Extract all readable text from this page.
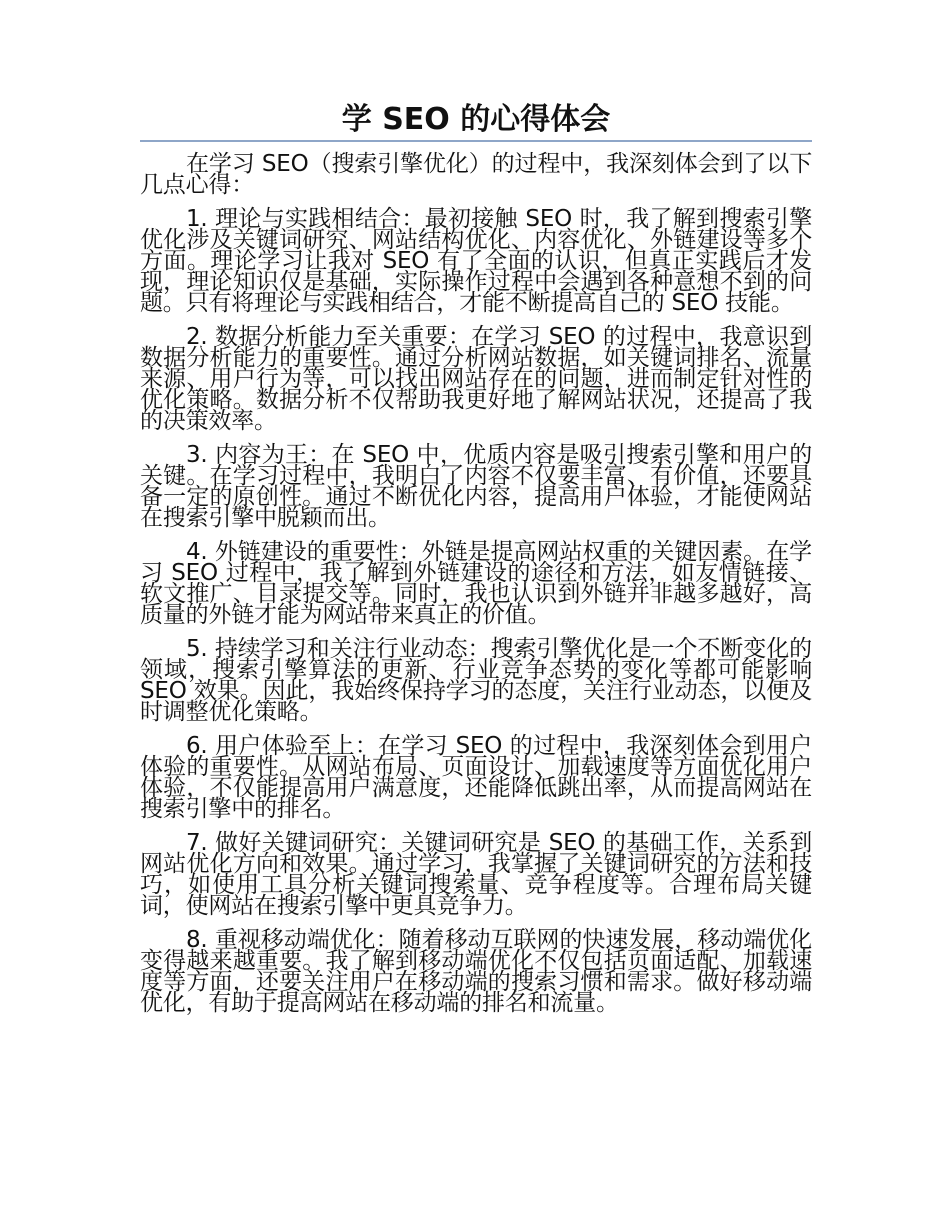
学 SEO 的心得体会

在学习 SEO（搜索引擎优化）的过程中，我深刻体会到了以下几点心得：

1. 理论与实践相结合：最初接触 SEO 时，我了解到搜索引擎优化涉及关键词研究、网站结构优化、内容优化、外链建设等多个方面。理论学习让我对 SEO 有了全面的认识，但真正实践后才发现，理论知识仅是基础，实际操作过程中会遇到各种意想不到的问题。只有将理论与实践相结合，才能不断提高自己的 SEO 技能。

2. 数据分析能力至关重要：在学习 SEO 的过程中，我意识到数据分析能力的重要性。通过分析网站数据，如关键词排名、流量来源、用户行为等，可以找出网站存在的问题，进而制定针对性的优化策略。数据分析不仅帮助我更好地了解网站状况，还提高了我的决策效率。

3. 内容为王：在 SEO 中，优质内容是吸引搜索引擎和用户的关键。在学习过程中，我明白了内容不仅要丰富、有价值，还要具备一定的原创性。通过不断优化内容，提高用户体验，才能使网站在搜索引擎中脱颖而出。

4. 外链建设的重要性：外链是提高网站权重的关键因素。在学习 SEO 过程中，我了解到外链建设的途径和方法，如友情链接、软文推广、目录提交等。同时，我也认识到外链并非越多越好，高质量的外链才能为网站带来真正的价值。

5. 持续学习和关注行业动态：搜索引擎优化是一个不断变化的领域，搜索引擎算法的更新、行业竞争态势的变化等都可能影响 SEO 效果。因此，我始终保持学习的态度，关注行业动态，以便及时调整优化策略。

6. 用户体验至上：在学习 SEO 的过程中，我深刻体会到用户体验的重要性。从网站布局、页面设计、加载速度等方面优化用户体验，不仅能提高用户满意度，还能降低跳出率，从而提高网站在搜索引擎中的排名。

7. 做好关键词研究：关键词研究是 SEO 的基础工作，关系到网站优化方向和效果。通过学习，我掌握了关键词研究的方法和技巧，如使用工具分析关键词搜索量、竞争程度等。合理布局关键词，使网站在搜索引擎中更具竞争力。

8. 重视移动端优化：随着移动互联网的快速发展，移动端优化变得越来越重要。我了解到移动端优化不仅包括页面适配、加载速度等方面，还要关注用户在移动端的搜索习惯和需求。做好移动端优化，有助于提高网站在移动端的排名和流量。
